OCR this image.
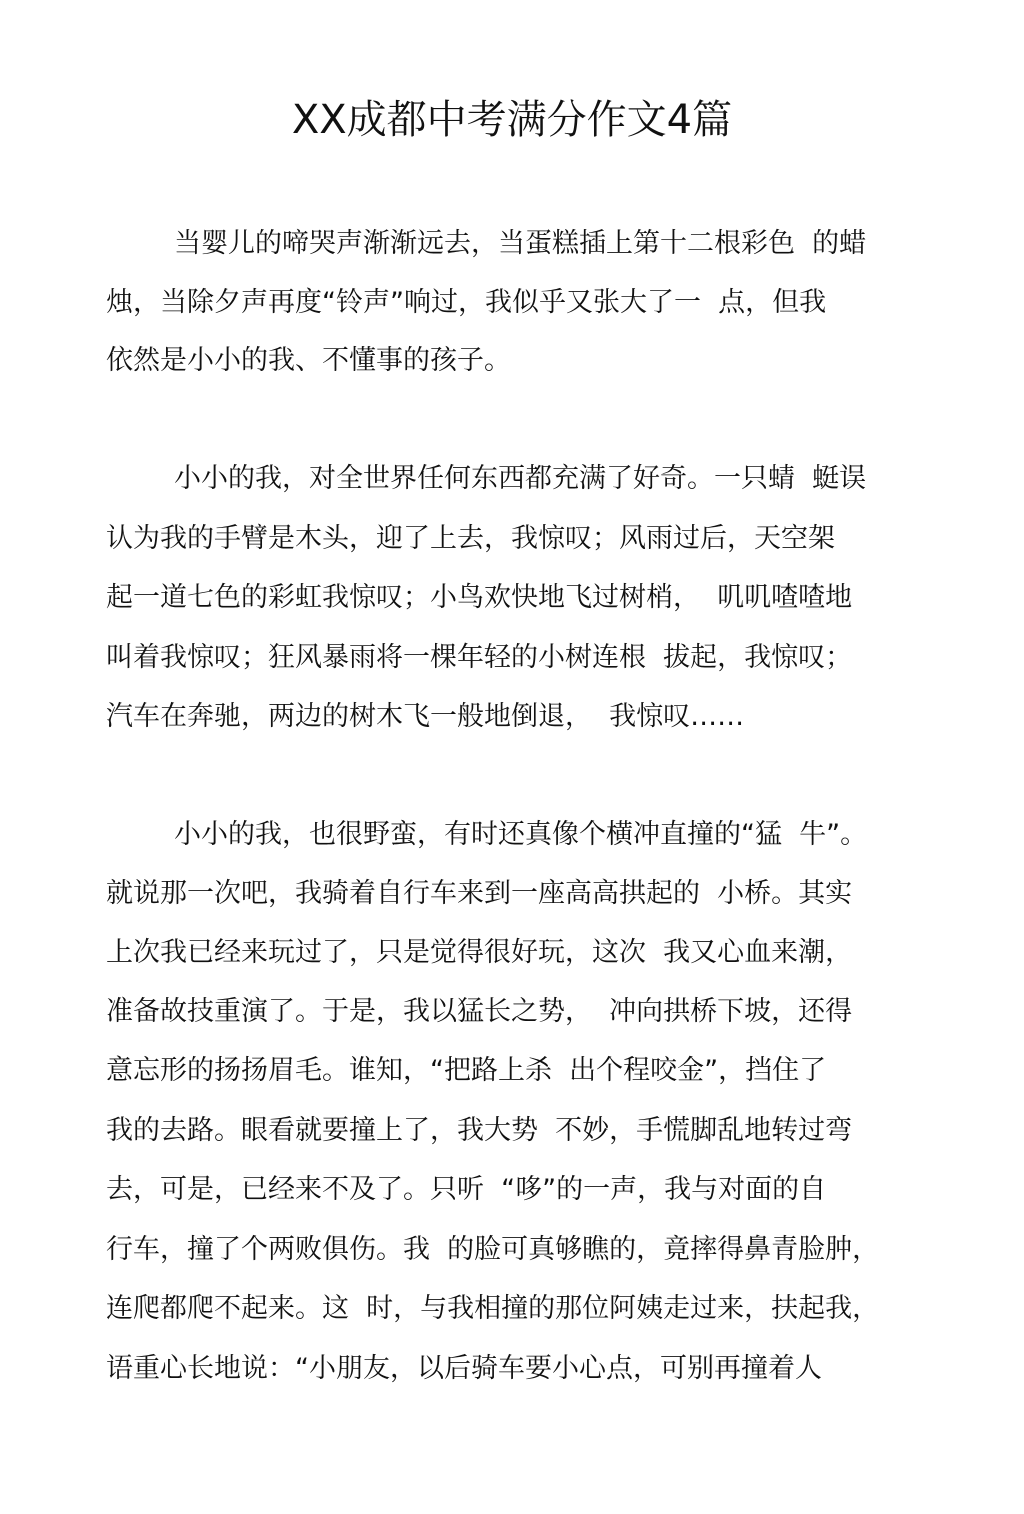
XX成都中考满分作文4篇
当婴儿的啼哭声渐渐远去，当蛋糕插上第十二根彩色  的蜡
烛，当除夕声再度“铃声”响过，我似乎又张大了一  点，但我
依然是小小的我、不懂事的孩子。
小小的我，对全世界任何东西都充满了好奇。一只蜻  蜓误
认为我的手臂是木头，迎了上去，我惊叹；风雨过后，天空架
起一道七色的彩虹我惊叹；小鸟欢快地飞过树梢，  叽叽喳喳地
叫着我惊叹；狂风暴雨将一棵年轻的小树连根  拔起，我惊叹；
汽车在奔驰，两边的树木飞一般地倒退，  我惊叹……
小小的我，也很野蛮，有时还真像个横冲直撞的“猛  牛”。
就说那一次吧，我骑着自行车来到一座高高拱起的  小桥。其实
上次我已经来玩过了，只是觉得很好玩，这次  我又心血来潮，
准备故技重演了。于是，我以猛长之势，  冲向拱桥下坡，还得
意忘形的扬扬眉毛。谁知，“把路上杀  出个程咬金”，挡住了
我的去路。眼看就要撞上了，我大势  不妙，手慌脚乱地转过弯
去，可是，已经来不及了。只听  “哆”的一声，我与对面的自
行车，撞了个两败俱伤。我  的脸可真够瞧的，竟摔得鼻青脸肿，
连爬都爬不起来。这  时，与我相撞的那位阿姨走过来，扶起我，
语重心长地说：“小朋友，以后骑车要小心点，可别再撞着人
